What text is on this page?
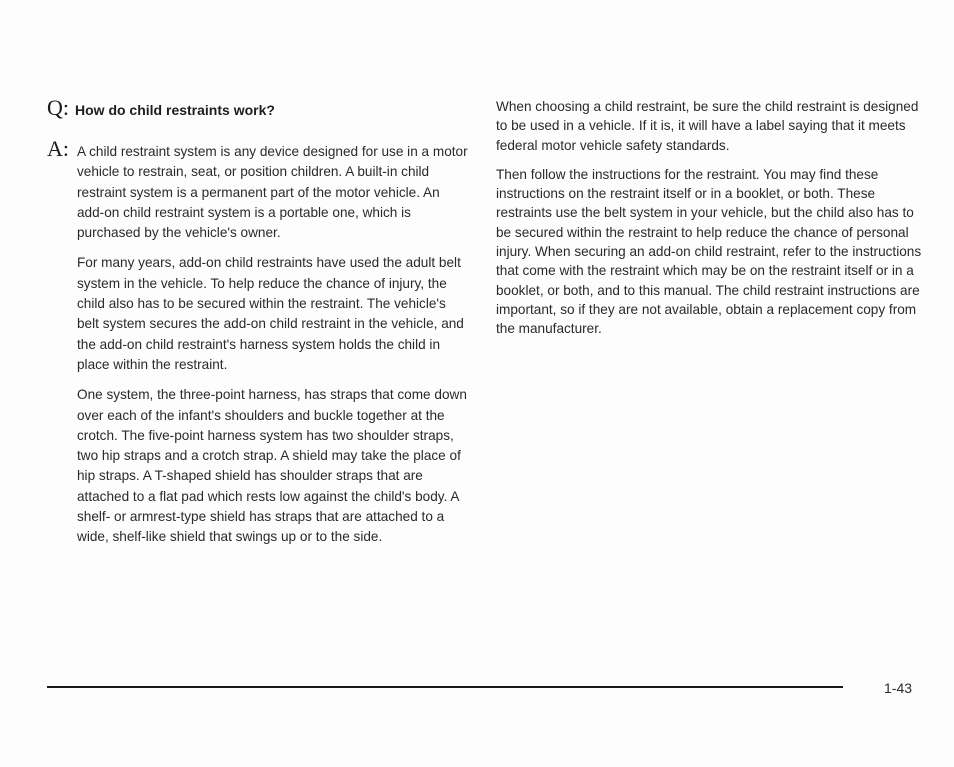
Q: How do child restraints work?
A: A child restraint system is any device designed for use in a motor vehicle to restrain, seat, or position children. A built-in child restraint system is a permanent part of the motor vehicle. An add-on child restraint system is a portable one, which is purchased by the vehicle's owner.

For many years, add-on child restraints have used the adult belt system in the vehicle. To help reduce the chance of injury, the child also has to be secured within the restraint. The vehicle's belt system secures the add-on child restraint in the vehicle, and the add-on child restraint's harness system holds the child in place within the restraint.

One system, the three-point harness, has straps that come down over each of the infant's shoulders and buckle together at the crotch. The five-point harness system has two shoulder straps, two hip straps and a crotch strap. A shield may take the place of hip straps. A T-shaped shield has shoulder straps that are attached to a flat pad which rests low against the child's body. A shelf- or armrest-type shield has straps that are attached to a wide, shelf-like shield that swings up or to the side.

When choosing a child restraint, be sure the child restraint is designed to be used in a vehicle. If it is, it will have a label saying that it meets federal motor vehicle safety standards.

Then follow the instructions for the restraint. You may find these instructions on the restraint itself or in a booklet, or both. These restraints use the belt system in your vehicle, but the child also has to be secured within the restraint to help reduce the chance of personal injury. When securing an add-on child restraint, refer to the instructions that come with the restraint which may be on the restraint itself or in a booklet, or both, and to this manual. The child restraint instructions are important, so if they are not available, obtain a replacement copy from the manufacturer.

1-43
